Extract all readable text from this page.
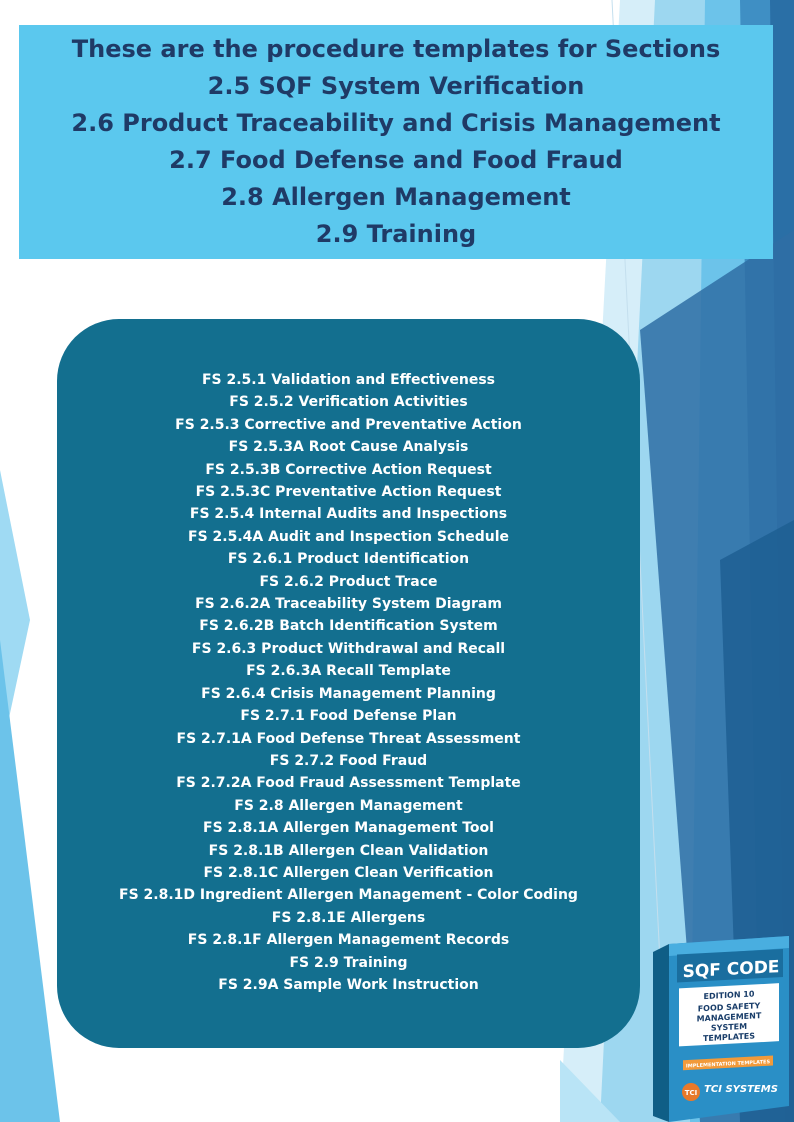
These are the procedure templates for Sections
2.5 SQF System Verification
2.6 Product Traceability and Crisis Management
2.7 Food Defense and Food Fraud
2.8 Allergen Management
2.9 Training
FS 2.5.1 Validation and Effectiveness
FS 2.5.2 Verification Activities
FS 2.5.3 Corrective and Preventative Action
FS 2.5.3A Root Cause Analysis
FS 2.5.3B Corrective Action Request
FS 2.5.3C Preventative Action Request
FS 2.5.4 Internal Audits and Inspections
FS 2.5.4A Audit and Inspection Schedule
FS 2.6.1 Product Identification
FS 2.6.2 Product Trace
FS 2.6.2A Traceability System Diagram
FS 2.6.2B Batch Identification System
FS 2.6.3 Product Withdrawal and Recall
FS 2.6.3A Recall Template
FS 2.6.4 Crisis Management Planning
FS 2.7.1 Food Defense Plan
FS 2.7.1A Food Defense Threat Assessment
FS 2.7.2 Food Fraud
FS 2.7.2A Food Fraud Assessment Template
FS 2.8 Allergen Management
FS 2.8.1A Allergen Management Tool
FS 2.8.1B Allergen Clean Validation
FS 2.8.1C Allergen Clean Verification
FS 2.8.1D Ingredient Allergen Management - Color Coding
FS 2.8.1E Allergens
FS 2.8.1F Allergen Management Records
FS 2.9 Training
FS 2.9A Sample Work Instruction
SQF CODE
EDITION 10
FOOD SAFETY
MANAGEMENT
SYSTEM
TEMPLATES
IMPLEMENTATION TEMPLATES
TCI TCI SYSTEMS
